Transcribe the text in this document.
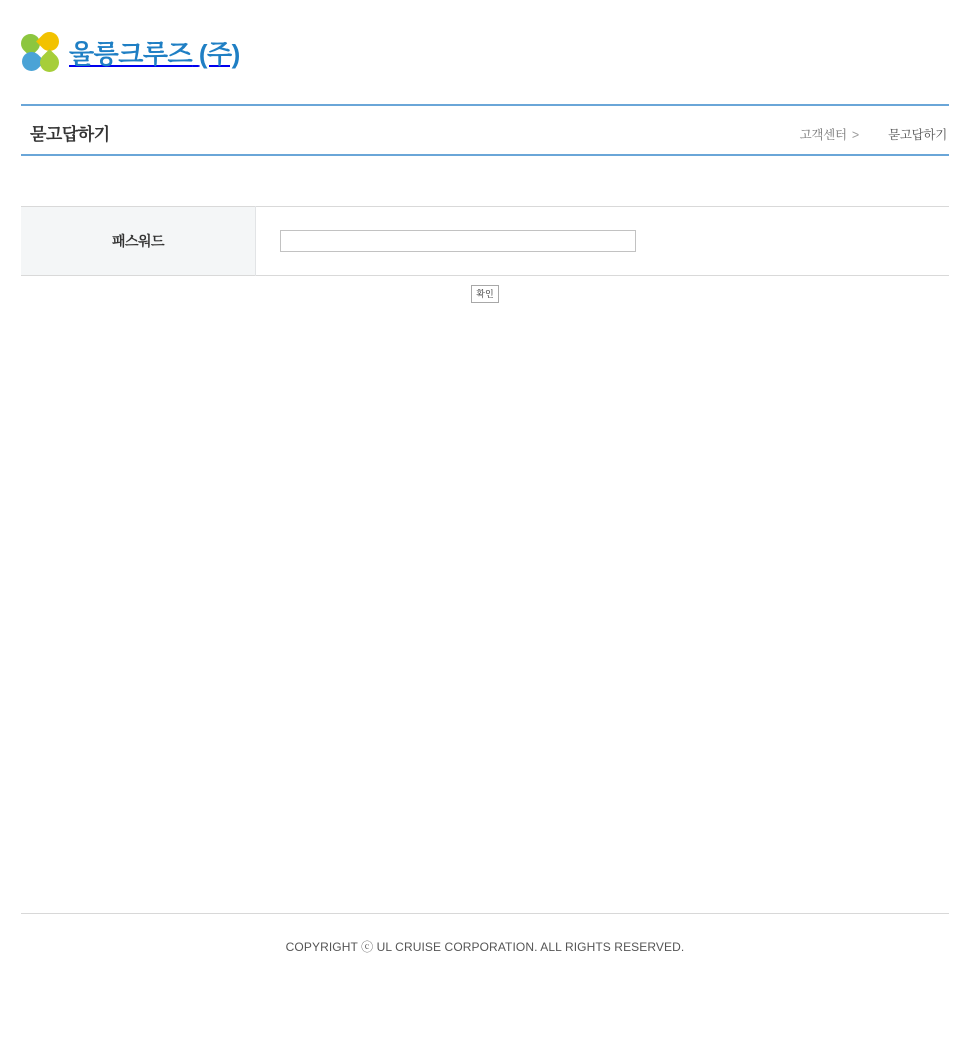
울릉크루즈 (주)
묻고답하기	고객센터 > 묻고답하기
패스워드	
확인
COPYRIGHT ⓒ UL CRUISE CORPORATION. ALL RIGHTS RESERVED.
